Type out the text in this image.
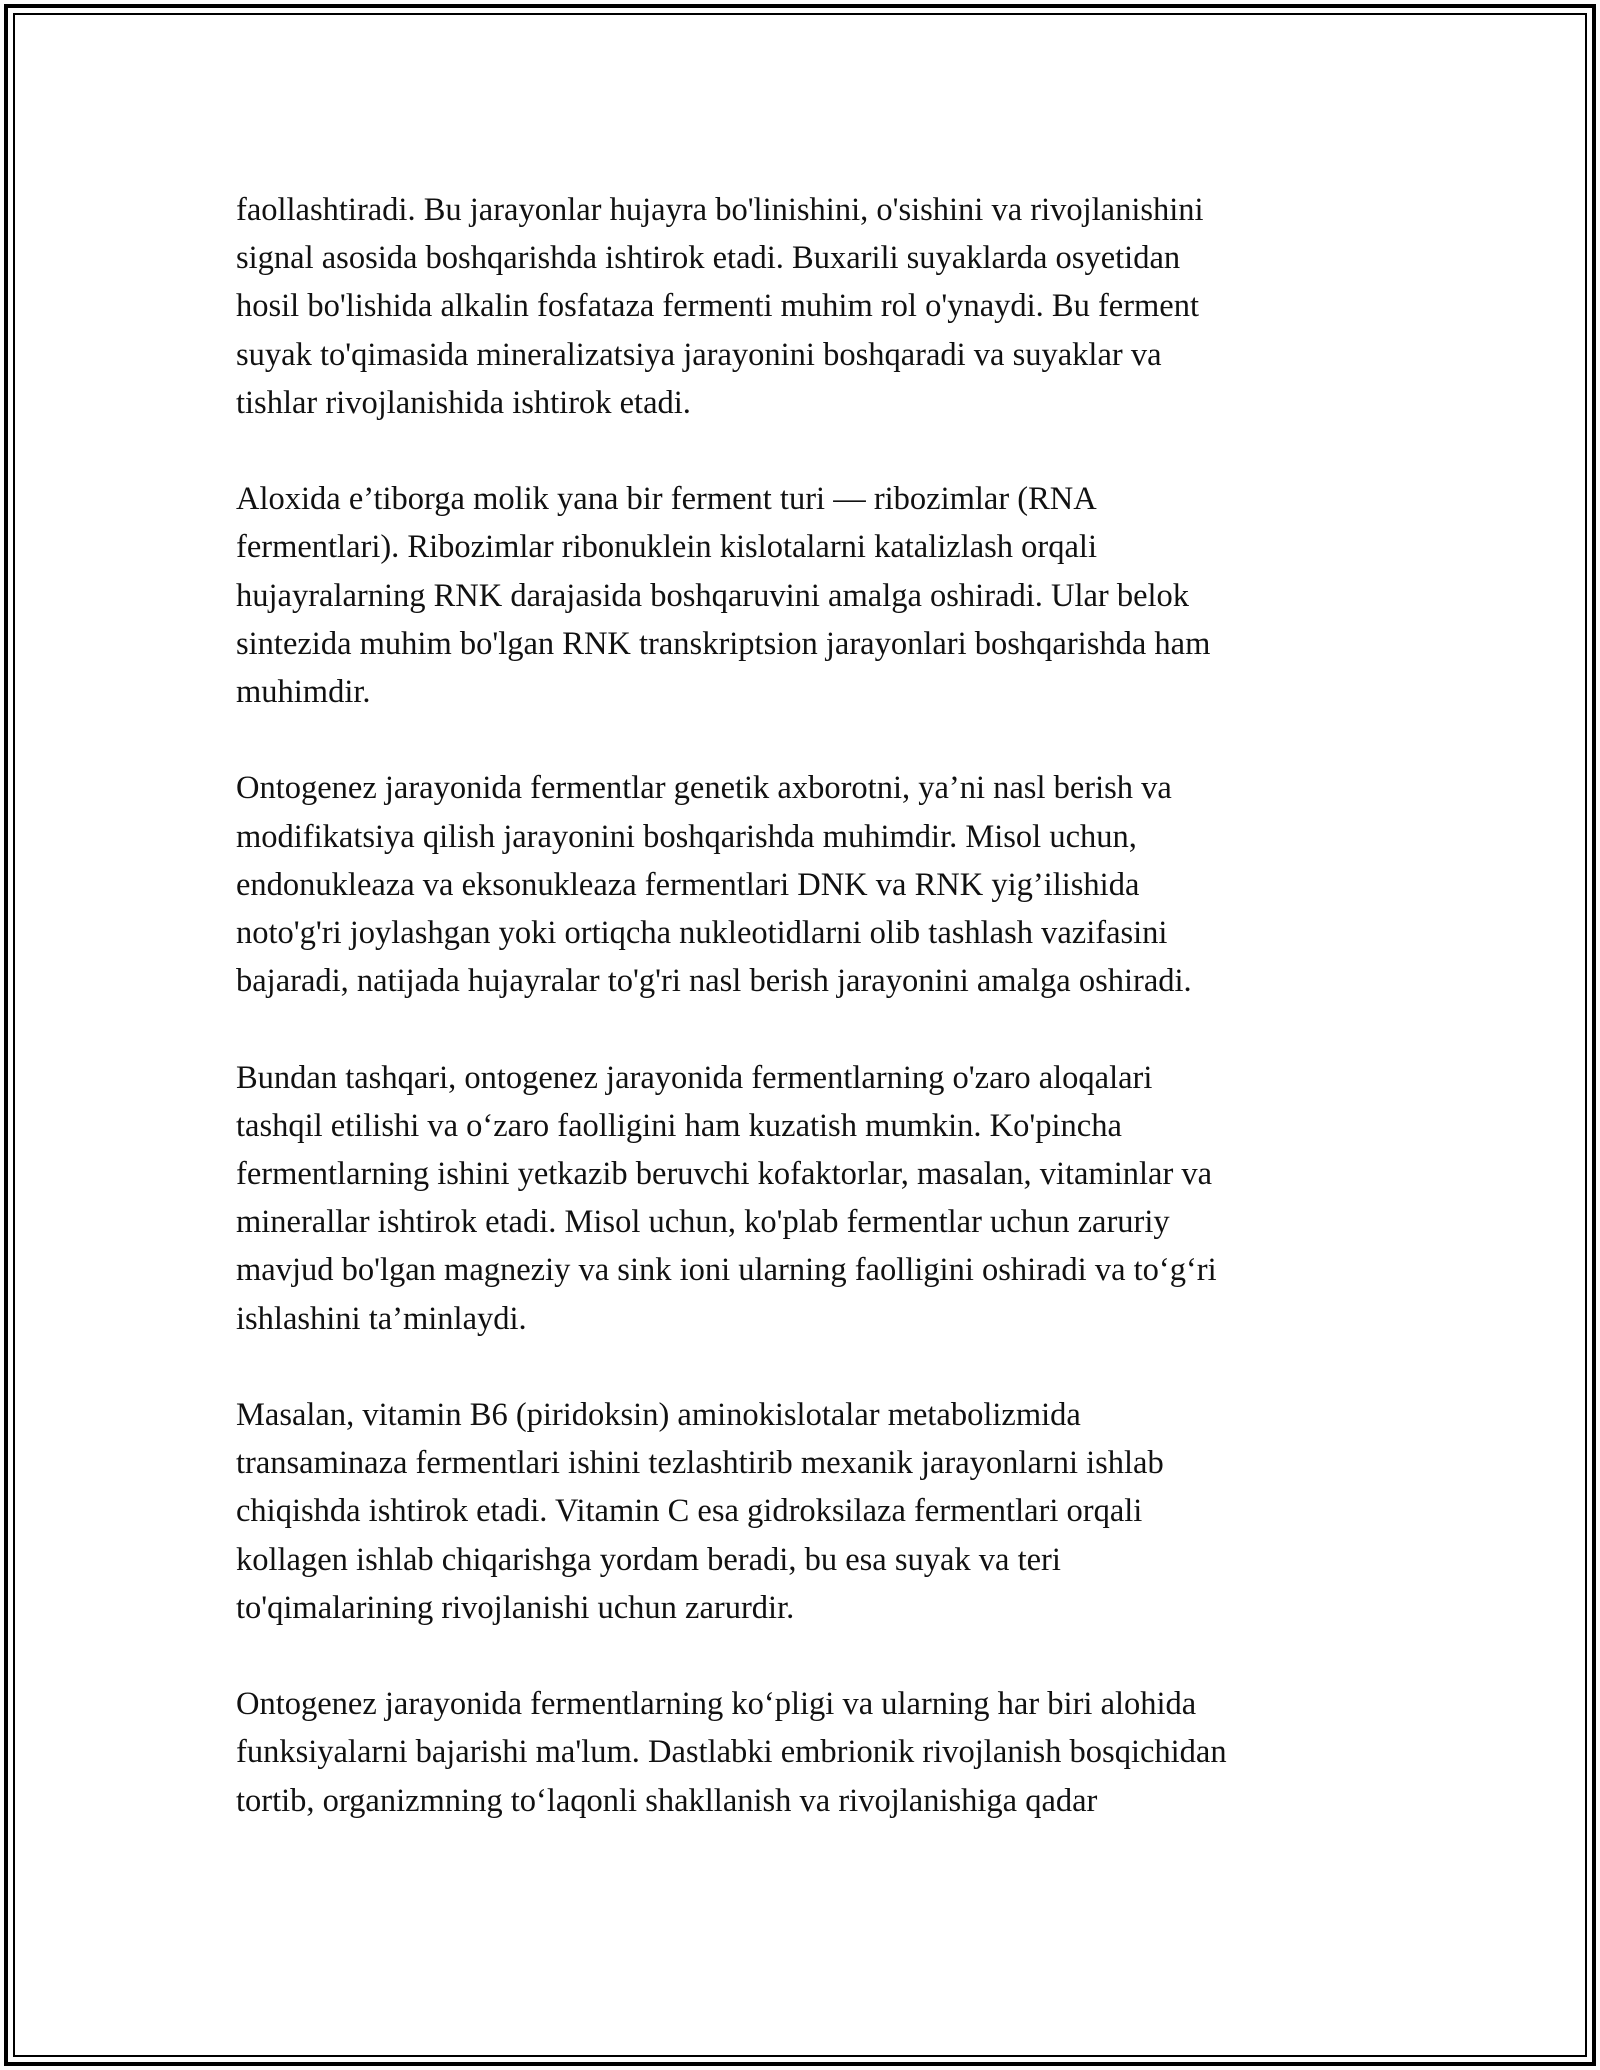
faollashtiradi. Bu jarayonlar hujayra bo'linishini, o'sishini va rivojlanishini
signal asosida boshqarishda ishtirok etadi. Buxarili suyaklarda osyetidan
hosil bo'lishida alkalin fosfataza fermenti muhim rol o'ynaydi. Bu ferment
suyak to'qimasida mineralizatsiya jarayonini boshqaradi va suyaklar va
tishlar rivojlanishida ishtirok etadi.

Aloxida e’tiborga molik yana bir ferment turi — ribozimlar (RNA
fermentlari). Ribozimlar ribonuklein kislotalarni katalizlash orqali
hujayralarning RNK darajasida boshqaruvini amalga oshiradi. Ular belok
sintezida muhim bo'lgan RNK transkriptsion jarayonlari boshqarishda ham
muhimdir.

Ontogenez jarayonida fermentlar genetik axborotni, ya’ni nasl berish va
modifikatsiya qilish jarayonini boshqarishda muhimdir. Misol uchun,
endonukleaza va eksonukleaza fermentlari DNK va RNK yig’ilishida
noto'g'ri joylashgan yoki ortiqcha nukleotidlarni olib tashlash vazifasini
bajaradi, natijada hujayralar to'g'ri nasl berish jarayonini amalga oshiradi.

Bundan tashqari, ontogenez jarayonida fermentlarning o'zaro aloqalari
tashqil etilishi va o‘zaro faolligini ham kuzatish mumkin. Ko'pincha
fermentlarning ishini yetkazib beruvchi kofaktorlar, masalan, vitaminlar va
minerallar ishtirok etadi. Misol uchun, ko'plab fermentlar uchun zaruriy
mavjud bo'lgan magneziy va sink ioni ularning faolligini oshiradi va to‘g‘ri
ishlashini ta’minlaydi.

Masalan, vitamin B6 (piridoksin) aminokislotalar metabolizmida
transaminaza fermentlari ishini tezlashtirib mexanik jarayonlarni ishlab
chiqishda ishtirok etadi. Vitamin C esa gidroksilaza fermentlari orqali
kollagen ishlab chiqarishga yordam beradi, bu esa suyak va teri
to'qimalarining rivojlanishi uchun zarurdir.

Ontogenez jarayonida fermentlarning ko‘pligi va ularning har biri alohida
funksiyalarni bajarishi ma'lum. Dastlabki embrionik rivojlanish bosqichidan
tortib, organizmning to‘laqonli shakllanish va rivojlanishiga qadar
